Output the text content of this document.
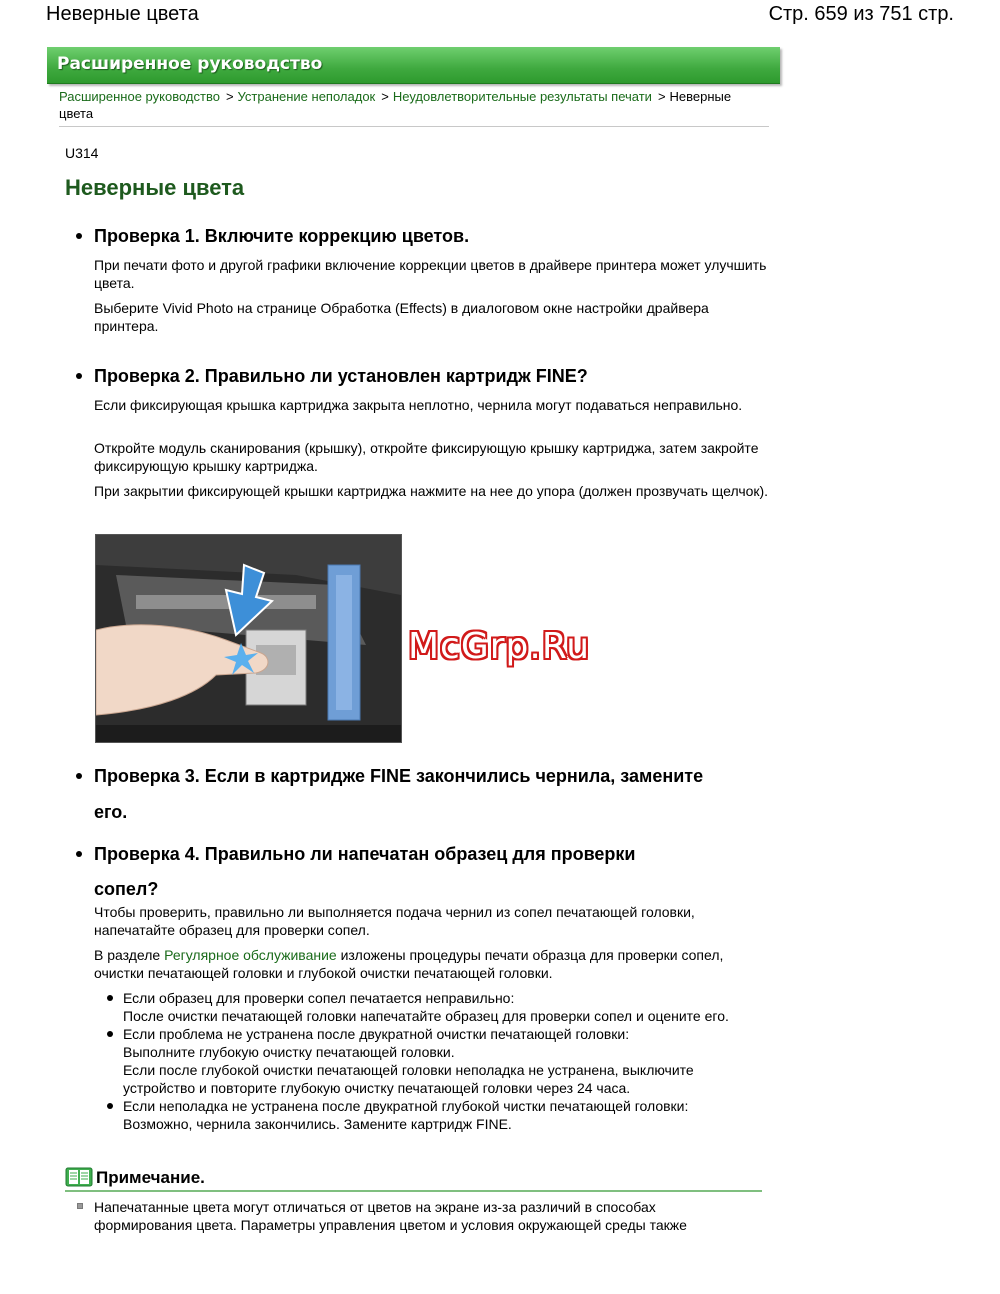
Неверные цвета	Стр. 659 из 751 стр.
Расширенное руководство
Расширенное руководство > Устранение неполадок > Неудовлетворительные результаты печати > Неверные цвета
U314
Неверные цвета
Проверка 1. Включите коррекцию цветов.

При печати фото и другой графики включение коррекции цветов в драйвере принтера может улучшить цвета.

Выберите Vivid Photo на странице Обработка (Effects) в диалоговом окне настройки драйвера принтера.

Проверка 2. Правильно ли установлен картридж FINE?

Если фиксирующая крышка картриджа закрыта неплотно, чернила могут подаваться неправильно.

Откройте модуль сканирования (крышку), откройте фиксирующую крышку картриджа, затем закройте фиксирующую крышку картриджа.

При закрытии фиксирующей крышки картриджа нажмите на нее до упора (должен прозвучать щелчок).

McGrp.Ru
Проверка 3. Если в картридже FINE закончились чернила, замените
его.
Проверка 4. Правильно ли напечатан образец для проверки
сопел?

Чтобы проверить, правильно ли выполняется подача чернил из сопел печатающей головки, напечатайте образец для проверки сопел.

В разделе Регулярное обслуживание изложены процедуры печати образца для проверки сопел, очистки печатающей головки и глубокой очистки печатающей головки.

Если образец для проверки сопел печатается неправильно:
После очистки печатающей головки напечатайте образец для проверки сопел и оцените его.
Если проблема не устранена после двукратной очистки печатающей головки:
Выполните глубокую очистку печатающей головки.
Если после глубокой очистки печатающей головки неполадка не устранена, выключите устройство и повторите глубокую очистку печатающей головки через 24 часа.
Если неполадка не устранена после двукратной глубокой чистки печатающей головки:
Возможно, чернила закончились. Замените картридж FINE.
Примечание.

Напечатанные цвета могут отличаться от цветов на экране из-за различий в способах формирования цвета. Параметры управления цветом и условия окружающей среды также
